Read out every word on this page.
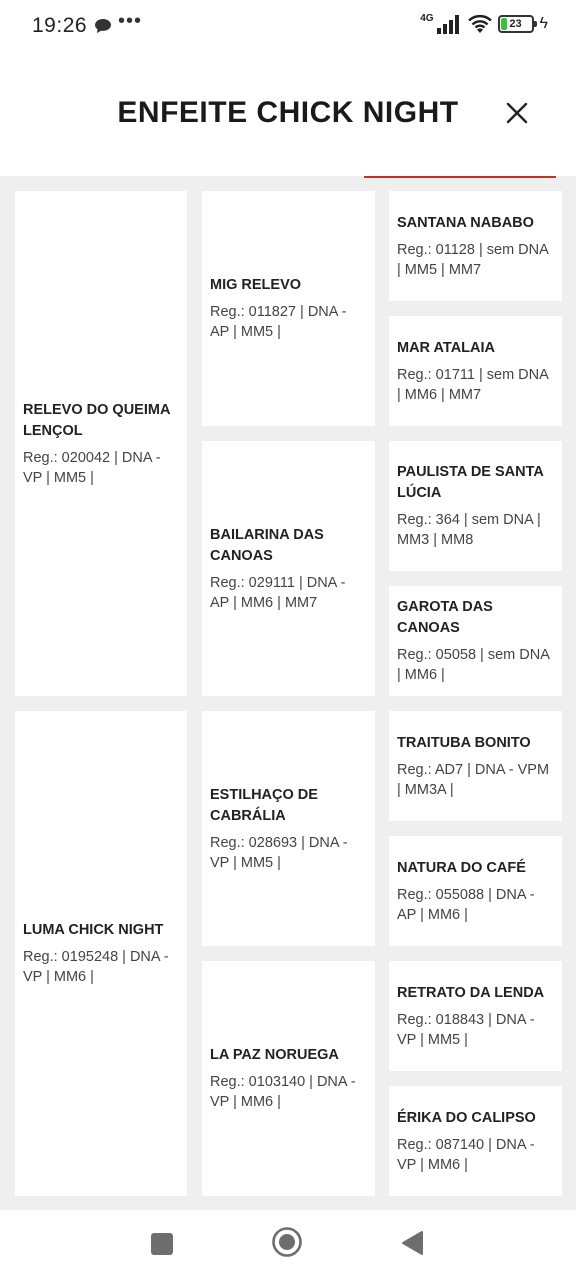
19:26 •••	4G	23 ϟ
ENFEITE CHICK NIGHT
RELEVO DO QUEIMA LENÇOL
Reg.: 020042 | DNA - VP | MM5 |
LUMA CHICK NIGHT
Reg.: 0195248 | DNA - VP | MM6 |
MIG RELEVO
Reg.: 011827 | DNA - AP | MM5 |
BAILARINA DAS CANOAS
Reg.: 029111 | DNA - AP | MM6 | MM7
ESTILHAÇO DE CABRÁLIA
Reg.: 028693 | DNA - VP | MM5 |
LA PAZ NORUEGA
Reg.: 0103140 | DNA - VP | MM6 |
SANTANA NABABO
Reg.: 01128 | sem DNA | MM5 | MM7
MAR ATALAIA
Reg.: 01711 | sem DNA | MM6 | MM7
PAULISTA DE SANTA LÚCIA
Reg.: 364 | sem DNA | MM3 | MM8
GAROTA DAS CANOAS
Reg.: 05058 | sem DNA | MM6 |
TRAITUBA BONITO
Reg.: AD7 | DNA - VPM | MM3A |
NATURA DO CAFÉ
Reg.: 055088 | DNA - AP | MM6 |
RETRATO DA LENDA
Reg.: 018843 | DNA - VP | MM5 |
ÉRIKA DO CALIPSO
Reg.: 087140 | DNA - VP | MM6 |
